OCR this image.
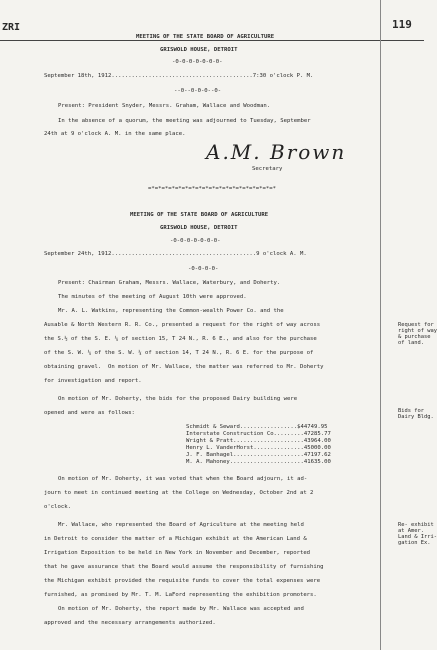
ZRI	119
MEETING OF THE STATE BOARD OF AGRICULTURE
GRISWOLD HOUSE, DETROIT
-0-0-0-0-0-0-0-
September 18th, 1912..........................................7:30 o'clock P. M.
--0--0-0-0--0-
Present: President Snyder, Messrs. Graham, Wallace and Woodman.
In the absence of a quorum, the meeting was adjourned to Tuesday, September
24th at 9 o'clock A. M. in the same place.
A.M. Brown
Secretary
=*=*=*=*=*=*=*=*=*=*=*=*=*=*=*=*=*=*=*
MEETING OF THE STATE BOARD OF AGRICULTURE
GRISWOLD HOUSE, DETROIT
-0-0-0-0-0-0-0-
September 24th, 1912...........................................9 o'clock A. M.
-0-0-0-0-
Present: Chairman Graham, Messrs. Wallace, Waterbury, and Doherty.
The minutes of the meeting of August 10th were approved.
Mr. A. L. Watkins, representing the Common-wealth Power Co. and the
Ausable & North Western R. R. Co., presented a request for the right of way across
the S.½ of the S. E. ¼ of section 15, T 24 N., R. 6 E., and also for the purchase
of the S. W. ¼ of the S. W. ¼ of section 14, T 24 N., R. 6 E. for the purpose of
obtaining gravel.  On motion of Mr. Wallace, the matter was referred to Mr. Doherty
for investigation and report.
On motion of Mr. Doherty, the bids for the proposed Dairy building were
opened and were as follows:
Schmidt & Seward.................$44749.95
Interstate Construction Co.........47285.77
Wright & Pratt.....................43964.00
Henry L. VanderHorst...............45000.00
J. F. Banhagel.....................47197.62
M. A. Mahoney......................41635.00
On motion of Mr. Doherty, it was voted that when the Board adjourn, it ad-
journ to meet in continued meeting at the College on Wednesday, October 2nd at 2
o'clock.
Mr. Wallace, who represented the Board of Agriculture at the meeting held
in Detroit to consider the matter of a Michigan exhibit at the American Land &
Irrigation Exposition to be held in New York in November and December, reported
that he gave assurance that the Board would assume the responsibility of furnishing
the Michigan exhibit provided the requisite funds to cover the total expenses were
furnished, as promised by Mr. T. M. LaFord representing the exhibition promoters.
On motion of Mr. Doherty, the report made by Mr. Wallace was accepted and
approved and the necessary arrangements authorized.
Request for
right of way
& purchase
of land.
Bids for
Dairy Bldg.
Re- exhibit
at Amer.
Land & Irri-
gation Ex.
